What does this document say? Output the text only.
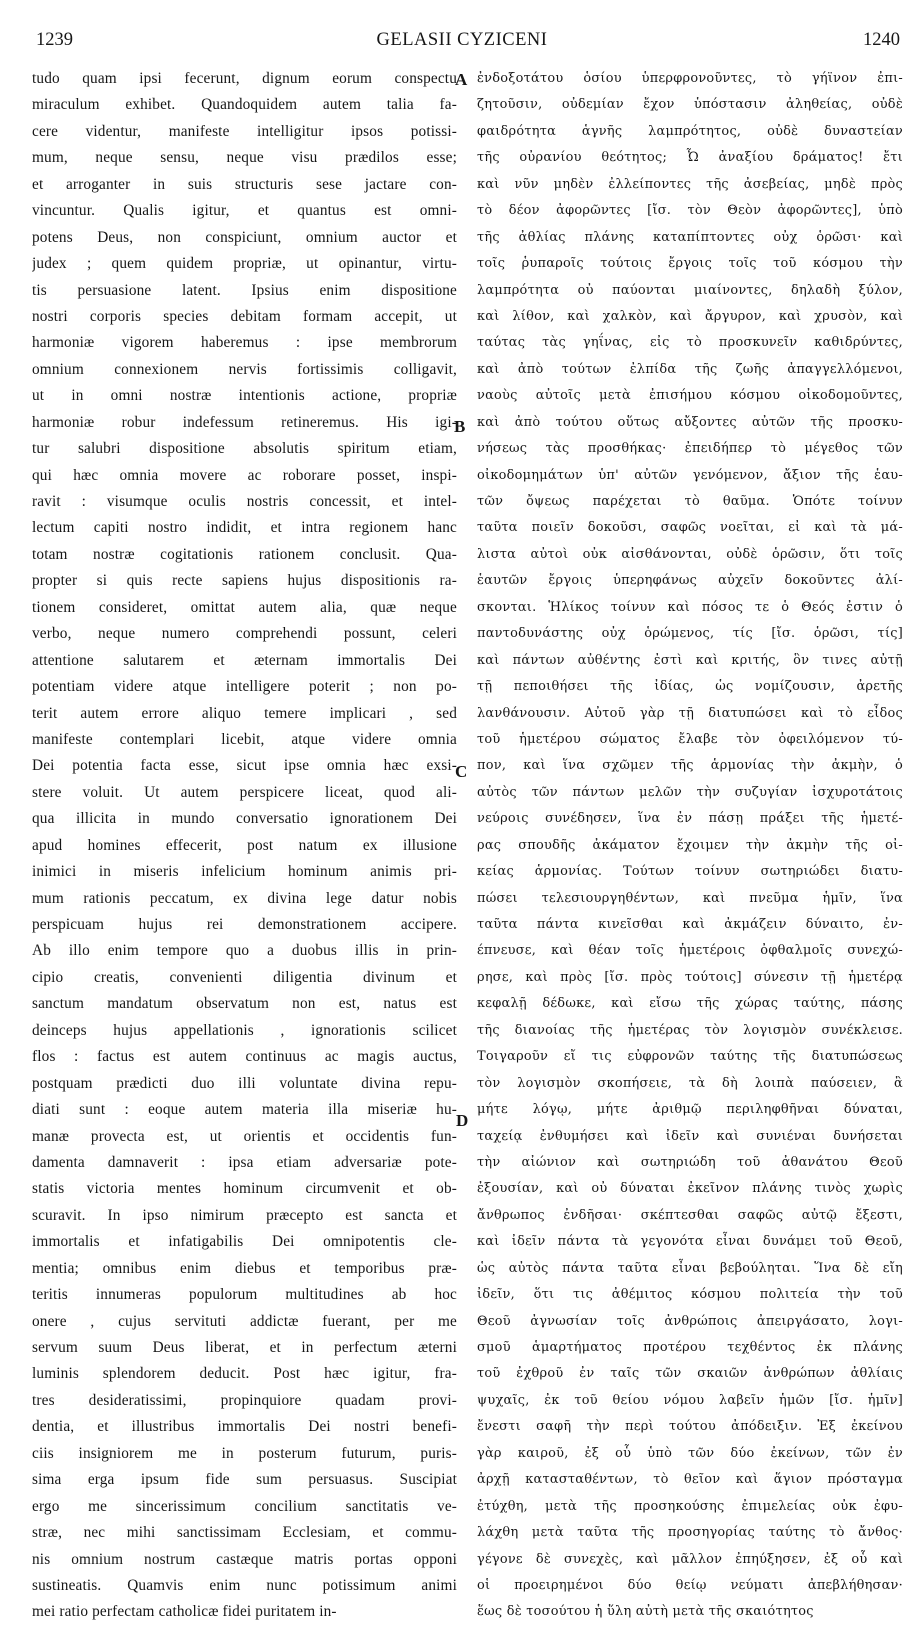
1239	GELASII CYZICENI	1240
tudo quam ipsi fecerunt, dignum eorum conspectu
miraculum exhibet. Quandoquidem autem talia fa-
cere videntur, manifeste intelligitur ipsos potissi-
mum, neque sensu, neque visu prædilos esse;
et arroganter in suis structuris sese jactare con-
vincuntur. Qualis igitur, et quantus est omni-
potens Deus, non conspiciunt, omnium auctor et
judex ; quem quidem propriæ, ut opinantur, virtu-
tis persuasione latent. Ipsius enim dispositione
nostri corporis species debitam formam accepit, ut
harmoniæ vigorem haberemus : ipse membrorum
omnium connexionem nervis fortissimis colligavit,
ut in omni nostræ intentionis actione, propriæ
harmoniæ robur indefessum retineremus. His igi-
tur salubri dispositione absolutis spiritum etiam,
qui hæc omnia movere ac roborare posset, inspi-
ravit : visumque oculis nostris concessit, et intel-
lectum capiti nostro indidit, et intra regionem hanc
totam nostræ cogitationis rationem conclusit. Qua-
propter si quis recte sapiens hujus dispositionis ra-
tionem consideret, omittat autem alia, quæ neque
verbo, neque numero comprehendi possunt, celeri
attentione salutarem et æternam immortalis Dei
potentiam videre atque intelligere poterit ; non po-
terit autem errore aliquo temere implicari , sed
manifeste contemplari licebit, atque videre omnia
Dei potentia facta esse, sicut ipse omnia hæc exsi-
stere voluit. Ut autem perspicere liceat, quod ali-
qua illicita in mundo conversatio ignorationem Dei
apud homines effecerit, post natum ex illusione
inimici in miseris infelicium hominum animis pri-
mum rationis peccatum, ex divina lege datur nobis
perspicuam hujus rei demonstrationem accipere.
Ab illo enim tempore quo a duobus illis in prin-
cipio creatis, convenienti diligentia divinum et
sanctum mandatum observatum non est, natus est
deinceps hujus appellationis , ignorationis scilicet
flos : factus est autem continuus ac magis auctus,
postquam prædicti duo illi voluntate divina repu-
diati sunt : eoque autem materia illa miseriæ hu-
manæ provecta est, ut orientis et occidentis fun-
damenta damnaverit : ipsa etiam adversariæ pote-
statis victoria mentes hominum circumvenit et ob-
scuravit. In ipso nimirum præcepto est sancta et
immortalis et infatigabilis Dei omnipotentis cle-
mentia; omnibus enim diebus et temporibus præ-
teritis innumeras populorum multitudines ab hoc
onere , cujus servituti addictæ fuerant, per me
servum suum Deus liberat, et in perfectum æterni
luminis splendorem deducit. Post hæc igitur, fra-
tres desideratissimi, propinquiore quadam provi-
dentia, et illustribus immortalis Dei nostri benefi-
ciis insigniorem me in posterum futurum, puris-
sima erga ipsum fide sum persuasus. Suscipiat
ergo me sincerissimum concilium sanctitatis ve-
stræ, nec mihi sanctissimam Ecclesiam, et commu-
nis omnium nostrum castæque matris portas opponi
sustineatis. Quamvis enim nunc potissimum animi
mei ratio perfectam catholicæ fidei puritatem in-
ἐνδοξοτάτου ὁσίου ὑπερφρονοῦντες, τὸ γήϊνον ἐπι-
ζητοῦσιν, οὐδεμίαν ἔχον ὑπόστασιν ἀληθείας, οὐδὲ
φαιδρότητα ἁγνῆς λαμπρότητος, οὐδὲ δυναστείαν
τῆς οὐρανίου θεότητος; Ὦ ἀναξίου δράματος! ἔτι
καὶ νῦν μηδὲν ἐλλείποντες τῆς ἀσεβείας, μηδὲ πρὸς
τὸ δέον ἀφορῶντες [ἴσ. τὸν Θεὸν ἀφορῶντες], ὑπὸ
τῆς ἀθλίας πλάνης καταπίπτοντες οὐχ ὁρῶσι· καὶ
τοῖς ῥυπαροῖς τούτοις ἔργοις τοῖς τοῦ κόσμου τὴν
λαμπρότητα οὐ παύονται μιαίνοντες, δηλαδὴ ξύλον,
καὶ λίθον, καὶ χαλκὸν, καὶ ἄργυρον, καὶ χρυσὸν, καὶ
ταύτας τὰς γηΐνας, εἰς τὸ προσκυνεῖν καθιδρύντες,
καὶ ἀπὸ τούτων ἐλπίδα τῆς ζωῆς ἀπαγγελλόμενοι,
ναοὺς αὐτοῖς μετὰ ἐπισήμου κόσμου οἰκοδομοῦντες,
καὶ ἀπὸ τούτου οὕτως αὔξοντες αὐτῶν τῆς προσκυ-
νήσεως τὰς προσθήκας· ἐπειδήπερ τὸ μέγεθος τῶν
οἰκοδομημάτων ὑπ' αὐτῶν γενόμενον, ἄξιον τῆς ἑαυ-
τῶν ὄψεως παρέχεται τὸ θαῦμα. Ὁπότε τοίνυν
ταῦτα ποιεῖν δοκοῦσι, σαφῶς νοεῖται, εἰ καὶ τὰ μά-
λιστα αὐτοὶ οὐκ αἰσθάνονται, οὐδὲ ὁρῶσιν, ὅτι τοῖς
ἑαυτῶν ἔργοις ὑπερηφάνως αὐχεῖν δοκοῦντες ἀλί-
σκονται. Ἡλίκος τοίνυν καὶ πόσος τε ὁ Θεός ἐστιν ὁ
παντοδυνάστης οὐχ ὁρώμενος, τίς [ἴσ. ὁρῶσι, τίς]
καὶ πάντων αὐθέντης ἐστὶ καὶ κριτής, ὃν τινες αὐτῇ
τῇ πεποιθήσει τῆς ἰδίας, ὡς νομίζουσιν, ἀρετῆς
λανθάνουσιν. Αὐτοῦ γὰρ τῇ διατυπώσει καὶ τὸ εἶδος
τοῦ ἡμετέρου σώματος ἔλαβε τὸν ὀφειλόμενον τύ-
πον, καὶ ἵνα σχῶμεν τῆς ἁρμονίας τὴν ἀκμὴν, ὁ
αὐτὸς τῶν πάντων μελῶν τὴν συζυγίαν ἰσχυροτάτοις
νεύροις συνέδησεν, ἵνα ἐν πάσῃ πράξει τῆς ἡμετέ-
ρας σπουδῆς ἀκάματον ἔχοιμεν τὴν ἀκμὴν τῆς οἰ-
κείας ἁρμονίας. Τούτων τοίνυν σωτηριώδει διατυ-
πώσει τελεσιουργηθέντων, καὶ πνεῦμα ἡμῖν, ἵνα
ταῦτα πάντα κινεῖσθαι καὶ ἀκμάζειν δύναιτο, ἐν-
έπνευσε, καὶ θέαν τοῖς ἡμετέροις ὀφθαλμοῖς συνεχώ-
ρησε, καὶ πρὸς [ἴσ. πρὸς τούτοις] σύνεσιν τῇ ἡμετέρᾳ
κεφαλῇ δέδωκε, καὶ εἴσω τῆς χώρας ταύτης, πάσης
τῆς διανοίας τῆς ἡμετέρας τὸν λογισμὸν συνέκλεισε.
Τοιγαροῦν εἴ τις εὐφρονῶν ταύτης τῆς διατυπώσεως
τὸν λογισμὸν σκοπήσειε, τὰ δὴ λοιπὰ παύσειεν, ἃ
μήτε λόγῳ, μήτε ἀριθμῷ περιληφθῆναι δύναται,
ταχείᾳ ἐνθυμήσει καὶ ἰδεῖν καὶ συνιέναι δυνήσεται
τὴν αἰώνιον καὶ σωτηριώδη τοῦ ἀθανάτου Θεοῦ
ἐξουσίαν, καὶ οὐ δύναται ἐκεῖνον πλάνης τινὸς χωρὶς
ἄνθρωπος ἐνδῆσαι· σκέπτεσθαι σαφῶς αὐτῷ ἔξεστι,
καὶ ἰδεῖν πάντα τὰ γεγονότα εἶναι δυνάμει τοῦ Θεοῦ,
ὡς αὐτὸς πάντα ταῦτα εἶναι βεβούληται. Ἵνα δὲ εἴη
ἰδεῖν, ὅτι τις ἀθέμιτος κόσμου πολιτεία τὴν τοῦ
Θεοῦ ἀγνωσίαν τοῖς ἀνθρώποις ἀπειργάσατο, λογι-
σμοῦ ἁμαρτήματος προτέρου τεχθέντος ἐκ πλάνης
τοῦ ἐχθροῦ ἐν ταῖς τῶν σκαιῶν ἀνθρώπων ἀθλίαις
ψυχαῖς, ἐκ τοῦ θείου νόμου λαβεῖν ἡμῶν [ἴσ. ἡμῖν]
ἔνεστι σαφῆ τὴν περὶ τούτου ἀπόδειξιν. Ἐξ ἐκείνου
γὰρ καιροῦ, ἐξ οὗ ὑπὸ τῶν δύο ἐκείνων, τῶν ἐν
ἀρχῇ κατασταθέντων, τὸ θεῖον καὶ ἅγιον πρόσταγμα
ἐτύχθη, μετὰ τῆς προσηκούσης ἐπιμελείας οὐκ ἐφυ-
λάχθη μετὰ ταῦτα τῆς προσηγορίας ταύτης τὸ ἄνθος·
γέγονε δὲ συνεχὲς, καὶ μᾶλλον ἐπηύξησεν, ἐξ οὗ καὶ
οἱ προειρημένοι δύο θείῳ νεύματι ἀπεβλήθησαν·
ἕως δὲ τοσούτου ἡ ὕλη αὐτὴ μετὰ τῆς σκαιότητος
A
B
C
D
